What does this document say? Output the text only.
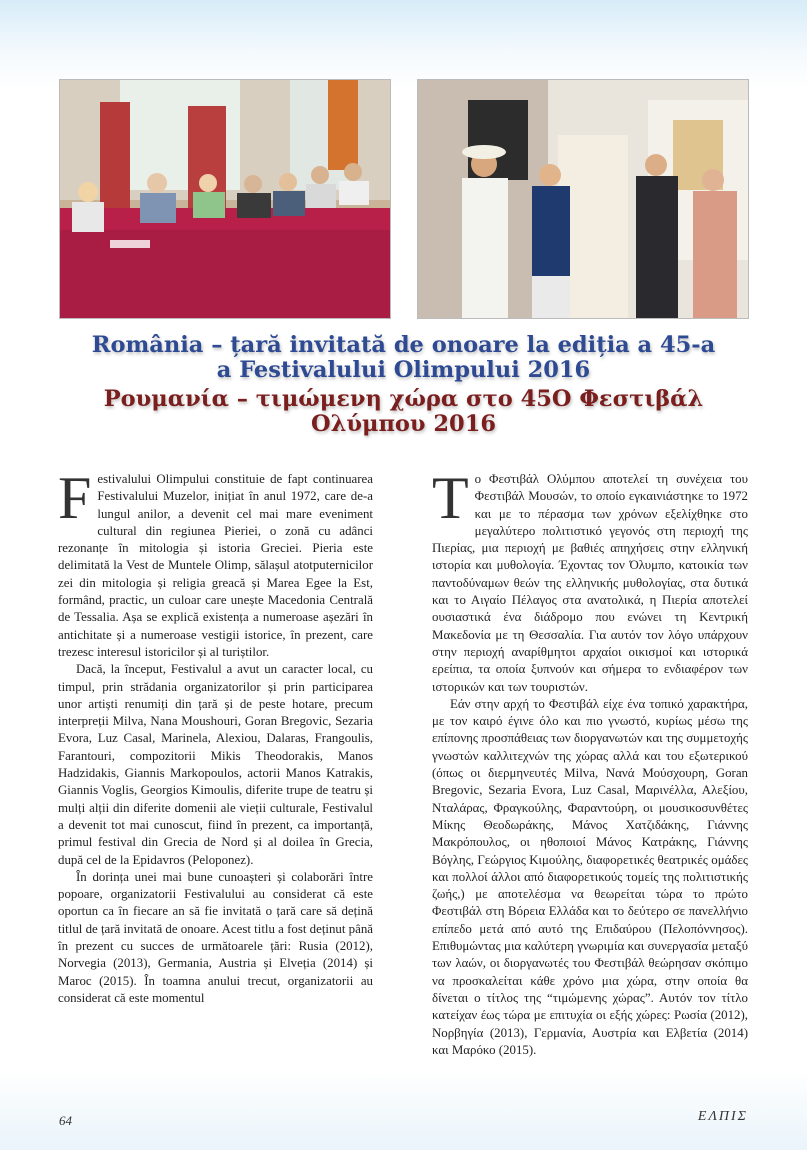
România – țară invitată de onoare la ediția a 45-a
a Festivalului Olimpului 2016

Ρουμανία – τιμώμενη χώρα στο 45Ο Φεστιβάλ
Ολύμπου 2016

Festivalului Olimpului constituie de fapt continuarea Festivalului Muzelor, inițiat în anul 1972, care de-a lungul anilor, a devenit cel mai mare eveniment cultural din regiunea Pieriei, o zonă cu adânci rezonanțe în mitologia și istoria Greciei. Pieria este delimitată la Vest de Muntele Olimp, sălașul atotputernicilor zei din mitologia și religia greacă și Marea Egee la Est, formând, practic, un culoar care unește Macedonia Centrală de Tessalia. Așa se explică existența a numeroase așezări în antichitate și a numeroase vestigii istorice, în prezent, care trezesc interesul istoricilor și al turiștilor.

Dacă, la început, Festivalul a avut un caracter local, cu timpul, prin strădania organizatorilor și prin participarea unor artiști renumiți din țară și de peste hotare, precum interpreții Milva, Nana Moushouri, Goran Bregovic, Sezaria Evora, Luz Casal, Marinela, Alexiou, Dalaras, Frangoulis, Farantouri, compozitorii Mikis Theodorakis, Manos Hadzidakis, Giannis Markopoulos, actorii Manos Katrakis, Giannis Voglis, Georgios Kimoulis, diferite trupe de teatru și mulți alții din diferite domenii ale vieții culturale, Festivalul a devenit tot mai cunoscut, fiind în prezent, ca importanță, primul festival din Grecia de Nord și al doilea în Grecia, după cel de la Epidavros (Peloponez).

În dorința unei mai bune cunoașteri și colaborări între popoare, organizatorii Festivalului au considerat că este oportun ca în fiecare an să fie invitată o țară care să dețină titlul de țară invitată de onoare. Acest titlu a fost deținut până în prezent cu succes de următoarele țări: Rusia (2012), Norvegia (2013), Germania, Austria și Elveția (2014) și Maroc (2015). În toamna anului trecut, organizatorii au considerat că este momentul

Το Φεστιβάλ Ολύμπου αποτελεί τη συνέχεια του Φεστιβάλ Μουσών, το οποίο εγκαινιάστηκε το 1972 και με το πέρασμα των χρόνων εξελίχθηκε στο μεγαλύτερο πολιτιστικό γεγονός στη περιοχή της Πιερίας, μια περιοχή με βαθιές απηχήσεις στην ελληνική ιστορία και μυθολογία. Έχοντας τον Όλυμπο, κατοικία των παντοδύναμων θεών της ελληνικής μυθολογίας, στα δυτικά και το Αιγαίο Πέλαγος στα ανατολικά, η Πιερία αποτελεί ουσιαστικά ένα διάδρομο που ενώνει τη Κεντρική Μακεδονία με τη Θεσσαλία. Για αυτόν τον λόγο υπάρχουν στην περιοχή αναρίθμητοι αρχαίοι οικισμοί και ιστορικά ερείπια, τα οποία ξυπνούν και σήμερα το ενδιαφέρον των ιστορικών και των τουριστών.

Εάν στην αρχή το Φεστιβάλ είχε ένα τοπικό χαρακτήρα, με τον καιρό έγινε όλο και πιο γνωστό, κυρίως μέσω της επίπονης προσπάθειας των διοργανωτών και της συμμετοχής γνωστών καλλιτεχνών της χώρας αλλά και του εξωτερικού (όπως οι διερμηνευτές Milva, Νανά Μούσχουρη, Goran Bregovic, Sezaria Evora, Luz Casal, Μαρινέλλα, Αλεξίου, Νταλάρας, Φραγκούλης, Φαραντούρη, οι μουσικοσυνθέτες Μίκης Θεοδωράκης, Μάνος Χατζιδάκης, Γιάννης Μακρόπουλος, οι ηθοποιοί Μάνος Κατράκης, Γιάννης Βόγλης, Γεώργιος Κιμούλης, διαφορετικές θεατρικές ομάδες και πολλοί άλλοι από διαφορετικούς τομείς της πολιτιστικής ζωής,) με αποτελέσμα να θεωρείται τώρα το πρώτο Φεστιβάλ στη Βόρεια Ελλάδα και το δεύτερο σε πανελλήνιο επίπεδο μετά από αυτό της Επιδαύρου (Πελοπόννησος). Επιθυμώντας μια καλύτερη γνωριμία και συνεργασία μεταξύ των λαών, οι διοργανωτές του Φεστιβάλ θεώρησαν σκόπιμο να προσκαλείται κάθε χρόνο μια χώρα, στην οποία θα δίνεται ο τίτλος της “τιμώμενης χώρας”. Αυτόν τον τίτλο κατείχαν έως τώρα με επιτυχία οι εξής χώρες: Ρωσία (2012), Νορβηγία (2013), Γερμανία, Αυστρία και Ελβετία (2014) και Μαρόκο (2015).

64	ΕΛΠΙΣ
